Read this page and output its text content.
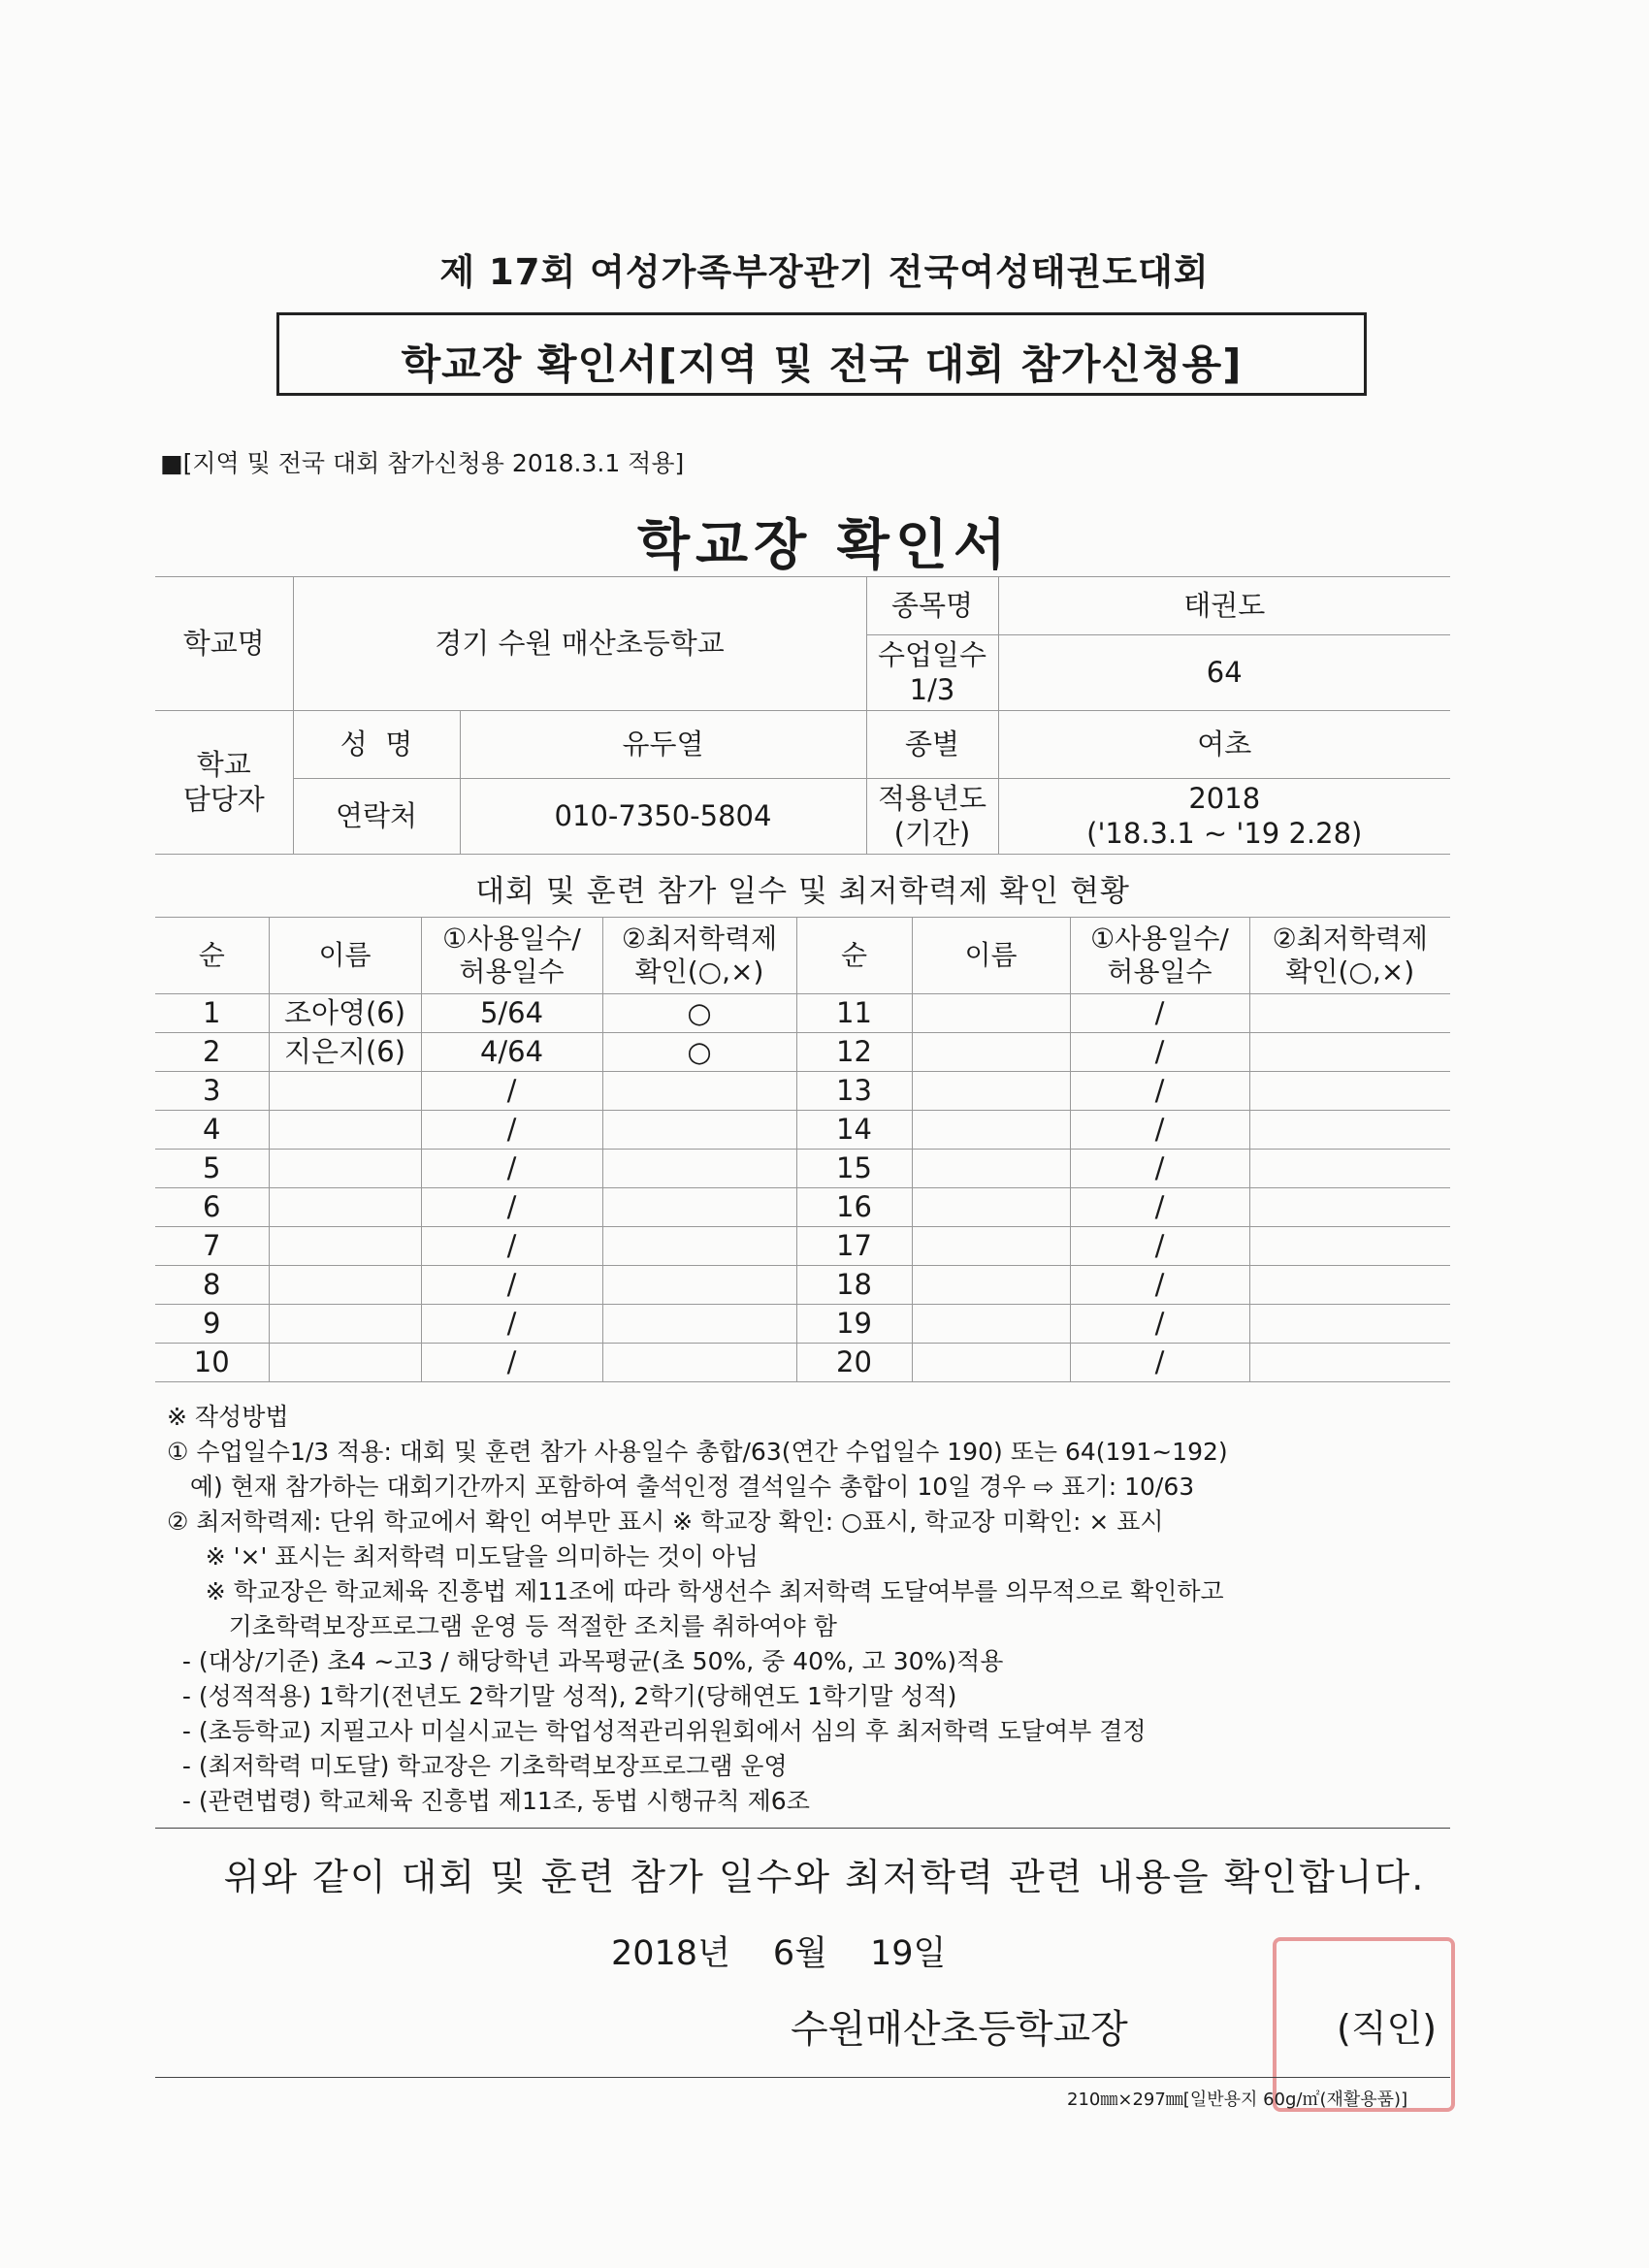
제 17회 여성가족부장관기 전국여성태권도대회
학교장 확인서[지역 및 전국 대회 참가신청용]
■[지역 및 전국 대회 참가신청용 2018.3.1 적용]
학교장 확인서
학교명	경기 수원 매산초등학교		종목명	태권도
			수업일수
1/3	64
학교
담당자	성  명	유두열	종별	여초
	연락처	010-7350-5804	적용년도
(기간)	2018
('18.3.1 ~ '19 2.28)
대회 및 훈련 참가 일수 및 최저학력제 확인 현황
순	이름	①사용일수/
허용일수	②최저학력제
확인(○,×)	순	이름	①사용일수/
허용일수	②최저학력제
확인(○,×)
1	조아영(6)	5/64	○	11		/	
2	지은지(6)	4/64	○	12		/	
3		/		13		/	
4		/		14		/	
5		/		15		/	
6		/		16		/	
7		/		17		/	
8		/		18		/	
9		/		19		/	
10		/		20		/	
※ 작성방법
① 수업일수1/3 적용: 대회 및 훈련 참가 사용일수 총합/63(연간 수업일수 190) 또는 64(191~192)
예) 현재 참가하는 대회기간까지 포함하여 출석인정 결석일수 총합이 10일 경우 ⇨ 표기: 10/63
② 최저학력제: 단위 학교에서 확인 여부만 표시 ※ 학교장 확인: ○표시, 학교장 미확인: × 표시
※ '×' 표시는 최저학력 미도달을 의미하는 것이 아님
※ 학교장은 학교체육 진흥법 제11조에 따라 학생선수 최저학력 도달여부를 의무적으로 확인하고
기초학력보장프로그램 운영 등 적절한 조치를 취하여야 함
- (대상/기준) 초4 ~고3 / 해당학년 과목평균(초 50%, 중 40%, 고 30%)적용
- (성적적용) 1학기(전년도 2학기말 성적), 2학기(당해연도 1학기말 성적)
- (초등학교) 지필고사 미실시교는 학업성적관리위원회에서 심의 후 최저학력 도달여부 결정
- (최저학력 미도달) 학교장은 기초학력보장프로그램 운영
- (관련법령) 학교체육 진흥법 제11조, 동법 시행규칙 제6조
위와 같이 대회 및 훈련 참가 일수와 최저학력 관련 내용을 확인합니다.
2018년 6월 19일
수원매산초등학교장	(직인)
210㎜×297㎜[일반용지 60g/㎡(재활용품)]
